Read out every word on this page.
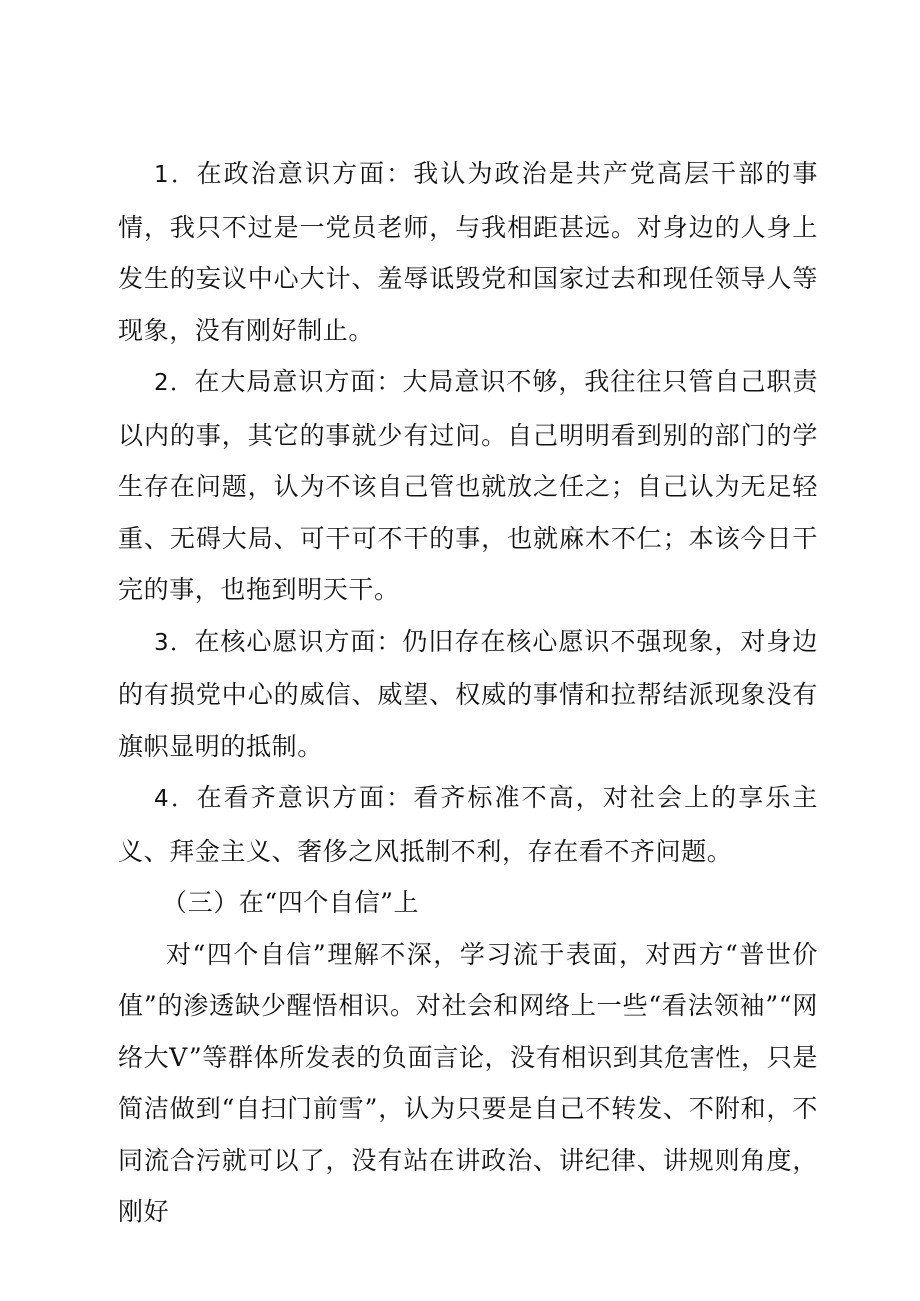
1．在政治意识方面：我认为政治是共产党高层干部的事情，我只不过是一党员老师，与我相距甚远。对身边的人身上发生的妄议中心大计、羞辱诋毁党和国家过去和现任领导人等现象，没有刚好制止。

2．在大局意识方面：大局意识不够，我往往只管自己职责以内的事，其它的事就少有过问。自己明明看到别的部门的学生存在问题，认为不该自己管也就放之任之；自己认为无足轻重、无碍大局、可干可不干的事，也就麻木不仁；本该今日干完的事，也拖到明天干。

3．在核心愿识方面：仍旧存在核心愿识不强现象，对身边的有损党中心的威信、威望、权威的事情和拉帮结派现象没有旗帜显明的抵制。

4．在看齐意识方面：看齐标准不高，对社会上的享乐主义、拜金主义、奢侈之风抵制不利，存在看不齐问题。

（三）在“四个自信”上

对“四个自信”理解不深，学习流于表面，对西方“普世价值”的渗透缺少醒悟相识。对社会和网络上一些“看法领袖”“网络大V”等群体所发表的负面言论，没有相识到其危害性，只是简洁做到“自扫门前雪”，认为只要是自己不转发、不附和，不同流合污就可以了，没有站在讲政治、讲纪律、讲规则角度，刚好
